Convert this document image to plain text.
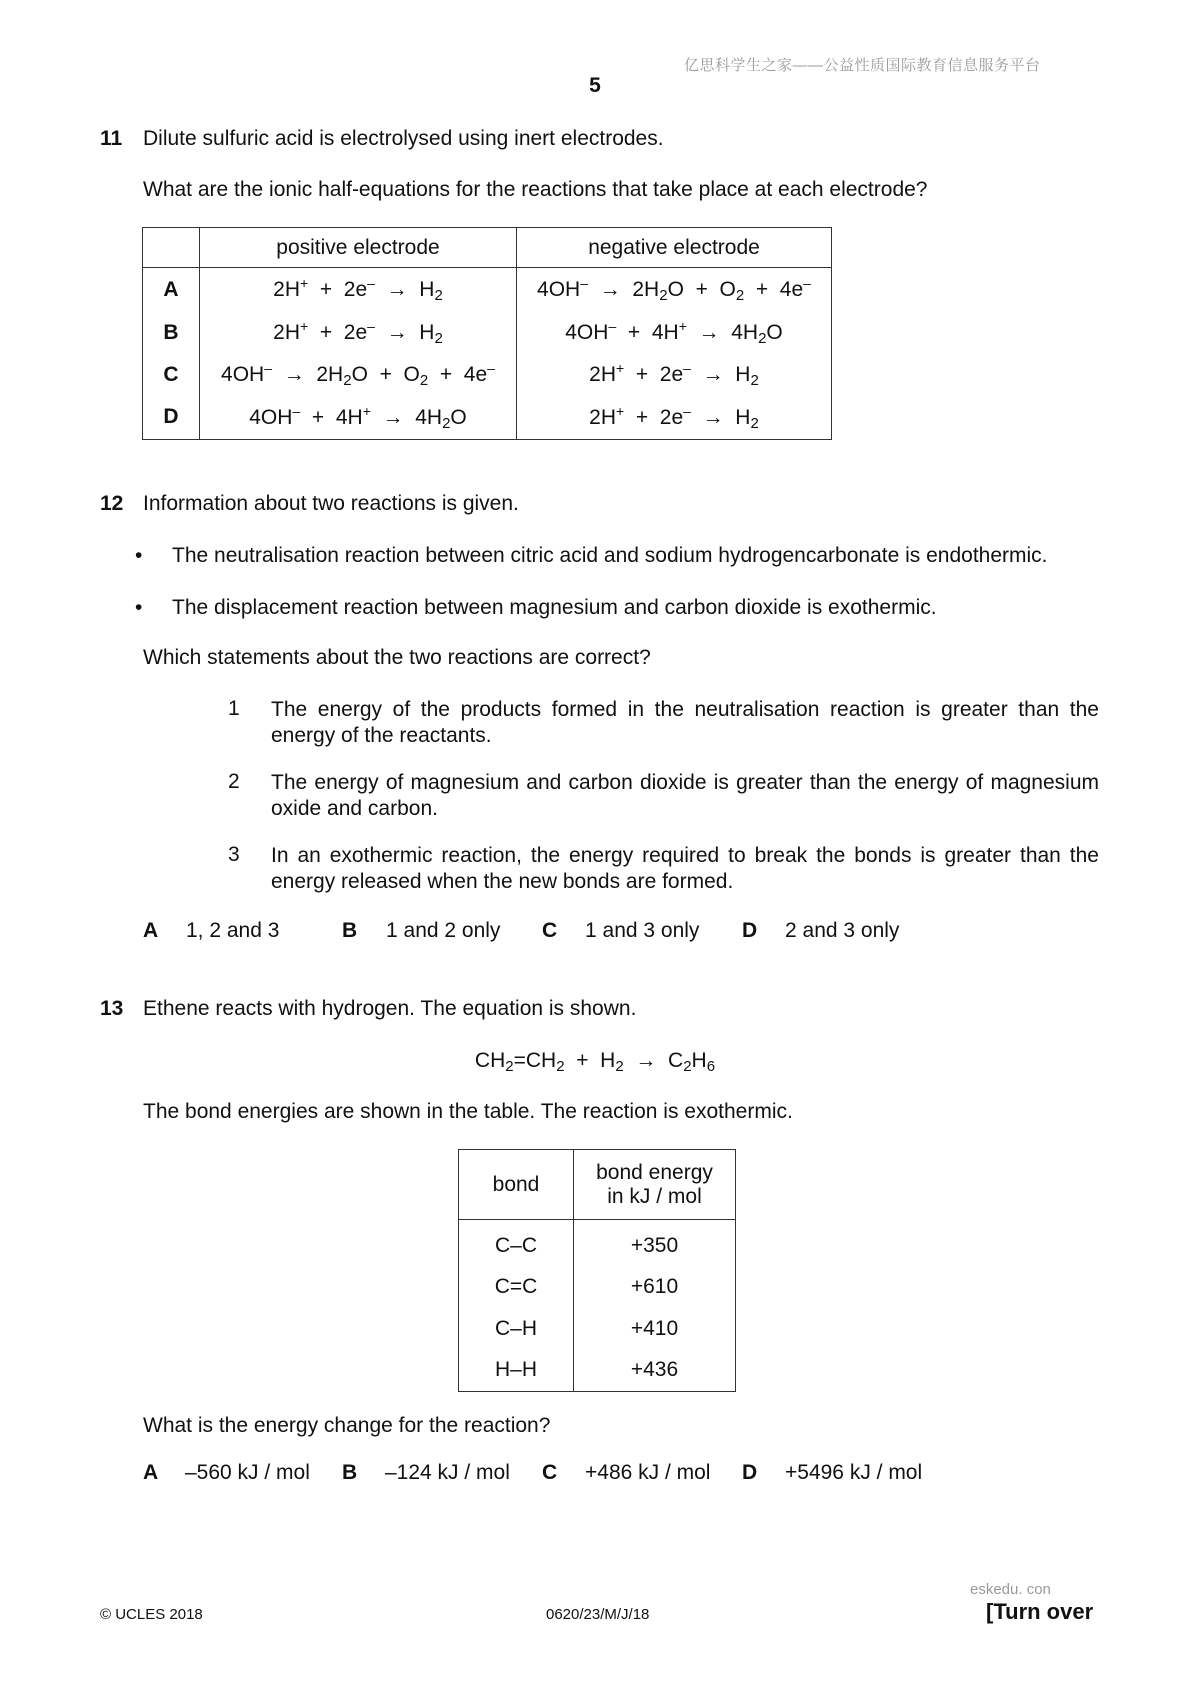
亿思科学生之家——公益性质国际教育信息服务平台
5
11 Dilute sulfuric acid is electrolysed using inert electrodes.
What are the ionic half-equations for the reactions that take place at each electrode?
	positive electrode	negative electrode
A	$2H^+ + 2e^- \to H_2$	$4OH^- \to 2H_2O + O_2 + 4e^-$
B	$2H^+ + 2e^- \to H_2$	$4OH^- + 4H^+ \to 4H_2O$
C	$4OH^- \to 2H_2O + O_2 + 4e^-$	$2H^+ + 2e^- \to H_2$
D	$4OH^- + 4H^+ \to 4H_2O$	$2H^+ + 2e^- \to H_2$
12 Information about two reactions is given.
• The neutralisation reaction between citric acid and sodium hydrogencarbonate is endothermic.
• The displacement reaction between magnesium and carbon dioxide is exothermic.
Which statements about the two reactions are correct?
1 The energy of the products formed in the neutralisation reaction is greater than the energy of the reactants.
2 The energy of magnesium and carbon dioxide is greater than the energy of magnesium oxide and carbon.
3 In an exothermic reaction, the energy required to break the bonds is greater than the energy released when the new bonds are formed.
A 1, 2 and 3	B 1 and 2 only C 1 and 3 only D 2 and 3 only
13 Ethene reacts with hydrogen. The equation is shown.
$CH_2=CH_2 + H_2 \to C_2H_6$
The bond energies are shown in the table. The reaction is exothermic.
bond	bond energy
in kJ / mol
C–C	+350
C=C	+610
C–H	+410
H–H	+436
What is the energy change for the reaction?
A –560 kJ / mol B –124 kJ / mol C +486 kJ / mol D +5496 kJ / mol
eskedu. con
© UCLES 2018	0620/23/M/J/18	[Turn over
